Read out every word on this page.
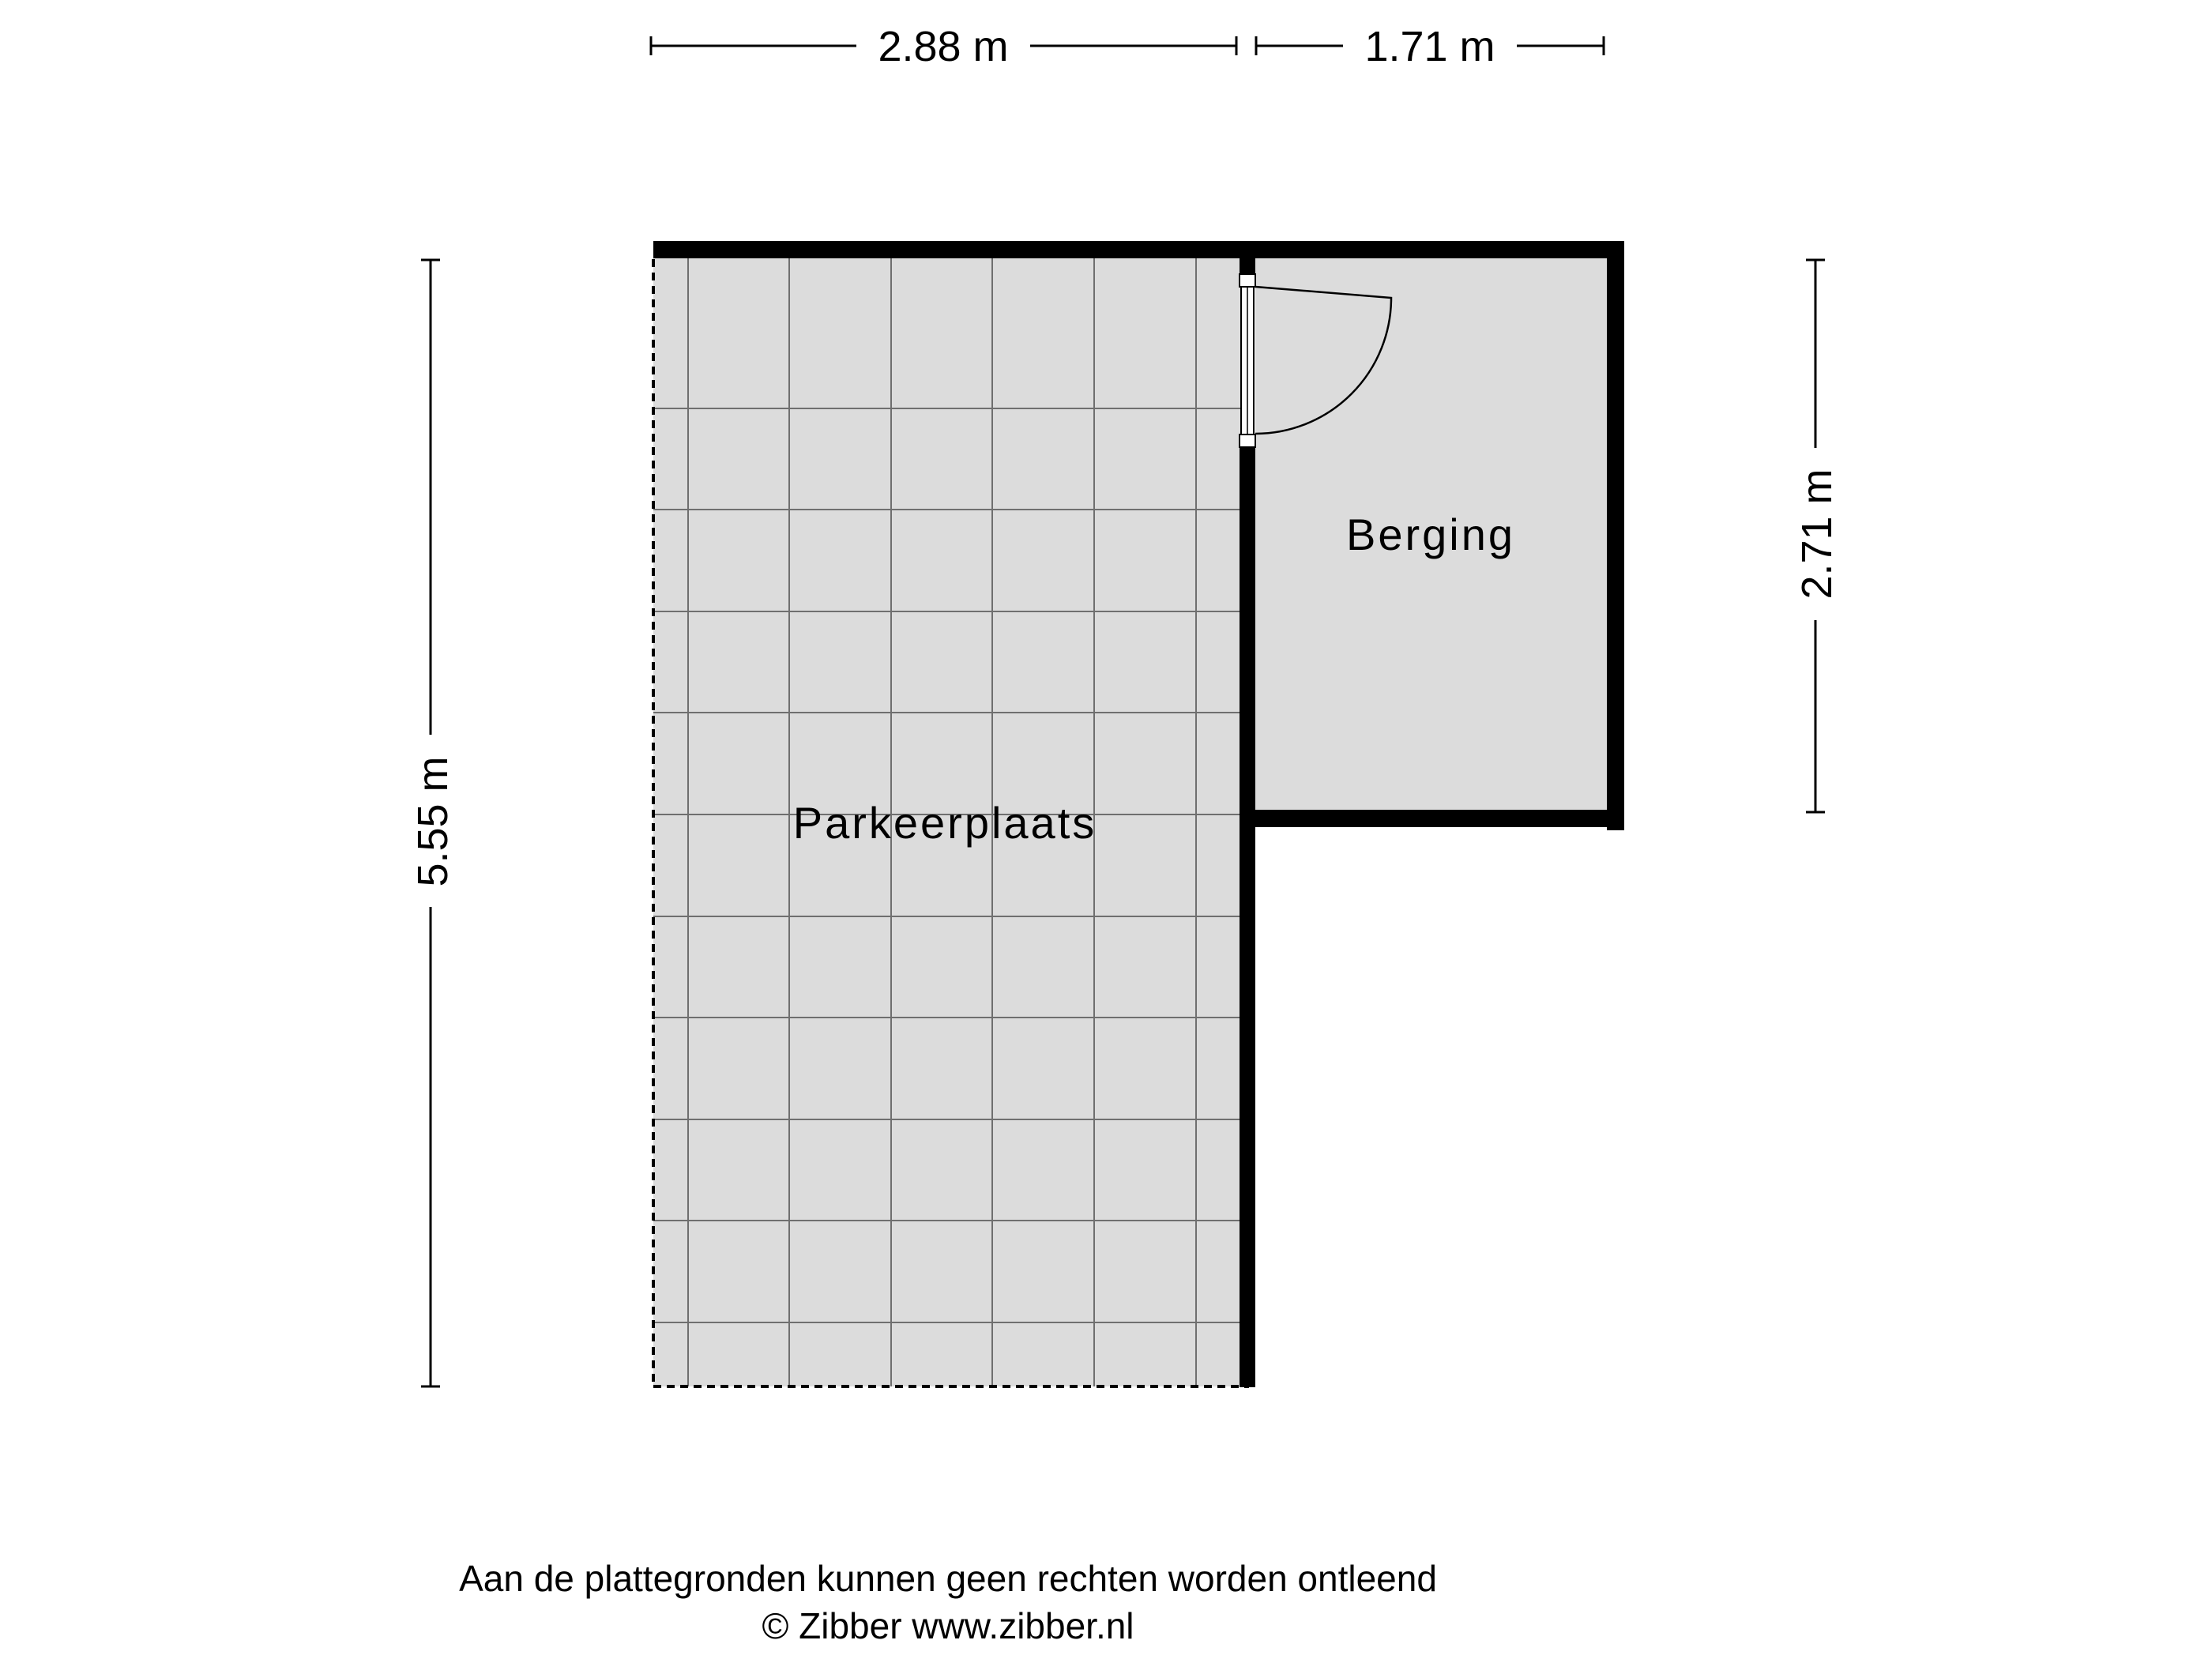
Parkeerplaats
Berging
2.88 m	1.71 m
5.55 m
2.71 m
Aan de plattegronden kunnen geen rechten worden ontleend
© Zibber www.zibber.nl
